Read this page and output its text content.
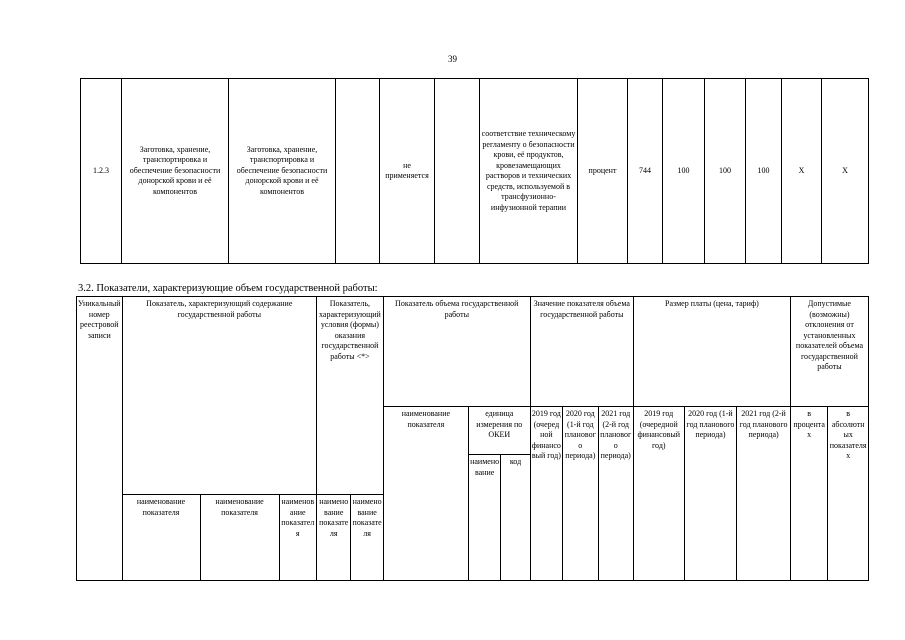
39
1.2.3	Заготовка, хранение, транспортировка и обеспечение безопасности донорской крови и её компонентов	Заготовка, хранение, транспортировка и обеспечение безопасности донорской крови и её компонентов		не применяется		соответствие техническому регламенту о безопасности крови, её продуктов, кровезамещающих растворов и технических средств, используемой в трансфузионно-инфузионной терапии	процент	744	100	100	100	Х	Х
3.2. Показатели, характеризующие объем государственной работы:
Уникальный номер реестровой записи	Показатель, характеризующий содержание государственной работы			Показатель, характеризующий условия (формы) оказания государственной работы <*>		Показатель объема государственной работы			Значение показателя объема государственной работы			Размер платы (цена, тариф)			Допустимые (возможны) отклонения от установленных показателей объема государственной работы	
						наименование показателя	единица измерения по ОКЕИ		2019 год (очередной финансовый год)	2020 год (1-й год планового периода)	2021 год (2-й год планового периода)	2019 год (очередной финансовый год)	2020 год (1-й год планового периода)	2021 год (2-й год планового периода)	в процентах	в абсолютных показателях
							наименование	код								
	наименование показателя	наименование показателя	наименование показателя	наименование показателя	наименование показателя											
